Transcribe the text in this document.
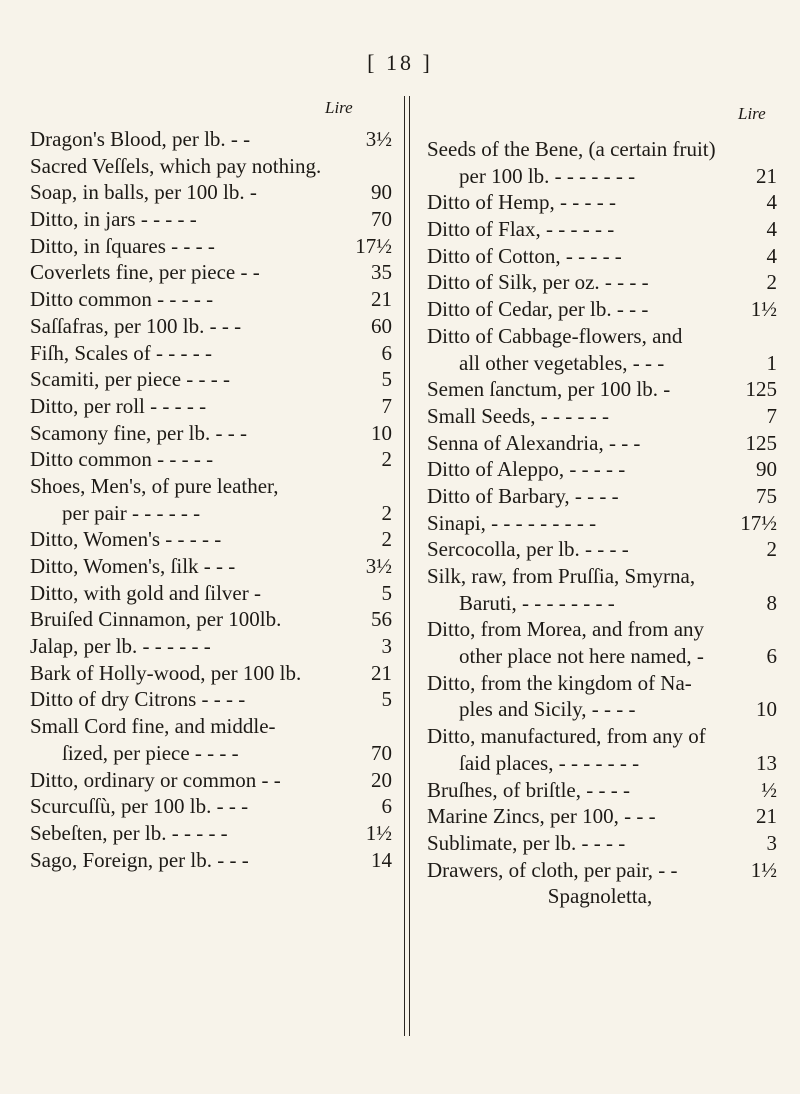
[ 18 ]
Lire	Lire
Dragon's Blood, per lb. - -	3½
Sacred Veſſels, which pay nothing.
Soap, in balls, per 100 lb. -	90
Ditto, in jars - - - - -	70
Ditto, in ſquares - - - -	17½
Coverlets fine, per piece - -	35
Ditto common - - - - -	21
Saſſafras, per 100 lb. - - -	60
Fiſh, Scales of - - - - -	6
Scamiti, per piece - - - -	5
Ditto, per roll - - - - -	7
Scamony fine, per lb. - - -	10
Ditto common - - - - -	2
Shoes, Men's, of pure leather,
per pair - - - - - -	2
Ditto, Women's - - - - -	2
Ditto, Women's, ſilk - - -	3½
Ditto, with gold and ſilver -	5
Bruiſed Cinnamon, per 100lb.	56
Jalap, per lb. - - - - - -	3
Bark of Holly-wood, per 100 lb.	21
Ditto of dry Citrons - - - -	5
Small Cord fine, and middle-
ſized, per piece - - - -	70
Ditto, ordinary or common - -	20
Scurcuſſù, per 100 lb. - - -	6
Sebeſten, per lb. - - - - -	1½
Sago, Foreign, per lb. - - -	14
Seeds of the Bene, (a certain fruit)
per 100 lb. - - - - - - -	21
Ditto of Hemp, - - - - -	4
Ditto of Flax, - - - - - -	4
Ditto of Cotton, - - - - -	4
Ditto of Silk, per oz. - - - -	2
Ditto of Cedar, per lb. - - -	1½
Ditto of Cabbage-flowers, and
all other vegetables, - - -	1
Semen ſanctum, per 100 lb. -	125
Small Seeds, - - - - - -	7
Senna of Alexandria, - - -	125
Ditto of Aleppo, - - - - -	90
Ditto of Barbary, - - - -	75
Sinapi, - - - - - - - - -	17½
Sercocolla, per lb. - - - -	2
Silk, raw, from Pruſſia, Smyrna,
Baruti, - - - - - - - -	8
Ditto, from Morea, and from any
other place not here named, -	6
Ditto, from the kingdom of Na-
ples and Sicily, - - - -	10
Ditto, manufactured, from any of
ſaid places, - - - - - - -	13
Bruſhes, of briſtle, - - - -	½
Marine Zincs, per 100, - - -	21
Sublimate, per lb. - - - -	3
Drawers, of cloth, per pair, - -	1½
Spagnoletta,
